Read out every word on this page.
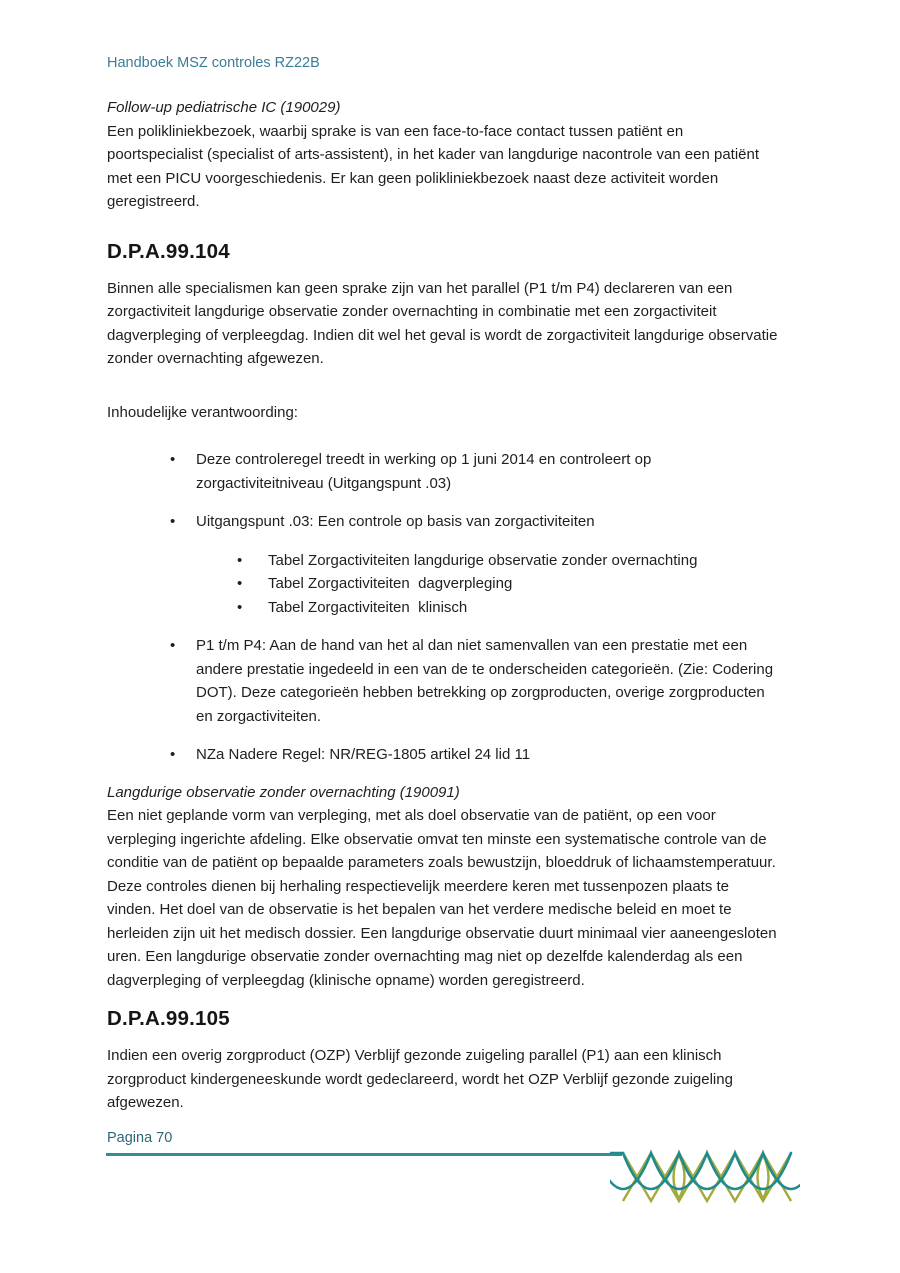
Handboek MSZ controles RZ22B

Follow-up pediatrische IC (190029)

Een polikliniekbezoek, waarbij sprake is van een face-to-face contact tussen patiënt en poortspecialist (specialist of arts-assistent), in het kader van langdurige nacontrole van een patiënt met een PICU voorgeschiedenis. Er kan geen polikliniekbezoek naast deze activiteit worden geregistreerd.

D.P.A.99.104

Binnen alle specialismen kan geen sprake zijn van het parallel (P1 t/m P4) declareren van een zorgactiviteit langdurige observatie zonder overnachting in combinatie met een zorgactiviteit dagverpleging of verpleegdag. Indien dit wel het geval is wordt de zorgactiviteit langdurige observatie zonder overnachting afgewezen.

Inhoudelijke verantwoording:

•	Deze controleregel treedt in werking op 1 juni 2014 en controleert op zorgactiviteitniveau (Uitgangspunt .03)
•	Uitgangspunt .03: Een controle op basis van zorgactiviteiten
•	Tabel Zorgactiviteiten langdurige observatie zonder overnachting
•	Tabel Zorgactiviteiten  dagverpleging
•	Tabel Zorgactiviteiten  klinisch
•	P1 t/m P4: Aan de hand van het al dan niet samenvallen van een prestatie met een andere prestatie ingedeeld in een van de te onderscheiden categorieën. (Zie: Codering DOT). Deze categorieën hebben betrekking op zorgproducten, overige zorgproducten en zorgactiviteiten.
•	NZa Nadere Regel: NR/REG-1805 artikel 24 lid 11

Langdurige observatie zonder overnachting (190091)

Een niet geplande vorm van verpleging, met als doel observatie van de patiënt, op een voor verpleging ingerichte afdeling. Elke observatie omvat ten minste een systematische controle van de conditie van de patiënt op bepaalde parameters zoals bewustzijn, bloeddruk of lichaamstemperatuur. Deze controles dienen bij herhaling respectievelijk meerdere keren met tussenpozen plaats te vinden. Het doel van de observatie is het bepalen van het verdere medische beleid en moet te herleiden zijn uit het medisch dossier. Een langdurige observatie duurt minimaal vier aaneengesloten uren. Een langdurige observatie zonder overnachting mag niet op dezelfde kalenderdag als een dagverpleging of verpleegdag (klinische opname) worden geregistreerd.

D.P.A.99.105

Indien een overig zorgproduct (OZP) Verblijf gezonde zuigeling parallel (P1) aan een klinisch zorgproduct kindergeneeskunde wordt gedeclareerd, wordt het OZP Verblijf gezonde zuigeling afgewezen.

Pagina 70
